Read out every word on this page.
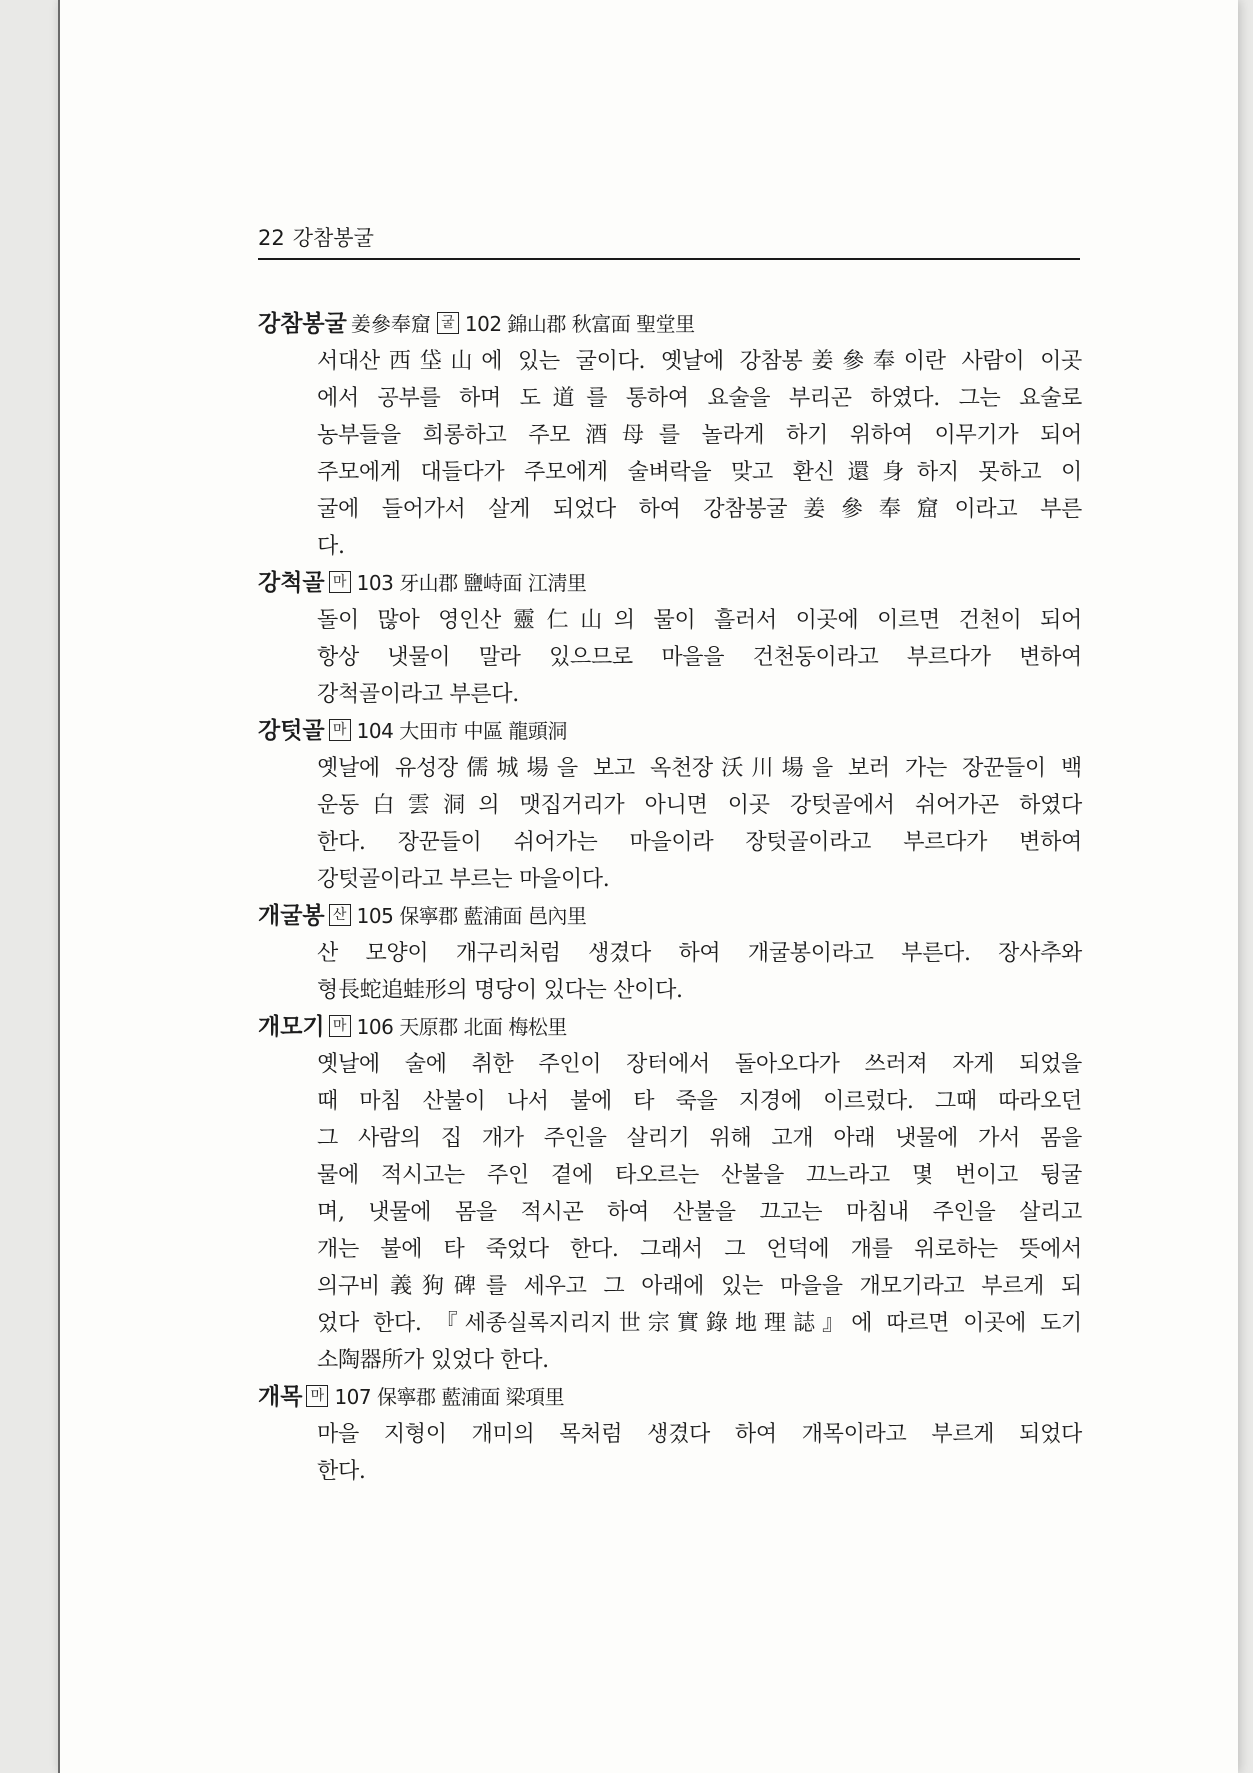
22 강참봉굴
강참봉굴 姜參奉窟 굴 102 錦山郡 秋富面 聖堂里
서대산西垈山에 있는 굴이다. 옛날에 강참봉姜參奉이란 사람이 이곳
에서 공부를 하며 도道를 통하여 요술을 부리곤 하였다. 그는 요술로
농부들을 희롱하고 주모酒母를 놀라게 하기 위하여 이무기가 되어
주모에게 대들다가 주모에게 술벼락을 맞고 환신還身하지 못하고 이
굴에 들어가서 살게 되었다 하여 강참봉굴姜參奉窟이라고 부른
다.
강척골 마 103 牙山郡 鹽峙面 江淸里
돌이 많아 영인산靈仁山의 물이 흘러서 이곳에 이르면 건천이 되어
항상 냇물이 말라 있으므로 마을을 건천동이라고 부르다가 변하여
강척골이라고 부른다.
강텃골 마 104 大田市 中區 龍頭洞
옛날에 유성장儒城場을 보고 옥천장沃川場을 보러 가는 장꾼들이 백
운동白雲洞의 맷집거리가 아니면 이곳 강텃골에서 쉬어가곤 하였다
한다. 장꾼들이 쉬어가는 마을이라 장텃골이라고 부르다가 변하여
강텃골이라고 부르는 마을이다.
개굴봉 산 105 保寧郡 藍浦面 邑內里
산 모양이 개구리처럼 생겼다 하여 개굴봉이라고 부른다. 장사추와
형長蛇追蛙形의 명당이 있다는 산이다.
개모기 마 106 天原郡 北面 梅松里
옛날에 술에 취한 주인이 장터에서 돌아오다가 쓰러져 자게 되었을
때 마침 산불이 나서 불에 타 죽을 지경에 이르렀다. 그때 따라오던
그 사람의 집 개가 주인을 살리기 위해 고개 아래 냇물에 가서 몸을
물에 적시고는 주인 곁에 타오르는 산불을 끄느라고 몇 번이고 뒹굴
며, 냇물에 몸을 적시곤 하여 산불을 끄고는 마침내 주인을 살리고
개는 불에 타 죽었다 한다. 그래서 그 언덕에 개를 위로하는 뜻에서
의구비義狗碑를 세우고 그 아래에 있는 마을을 개모기라고 부르게 되
었다 한다. 『세종실록지리지世宗實錄地理誌』에 따르면 이곳에 도기
소陶器所가 있었다 한다.
개목 마 107 保寧郡 藍浦面 梁項里
마을 지형이 개미의 목처럼 생겼다 하여 개목이라고 부르게 되었다
한다.
